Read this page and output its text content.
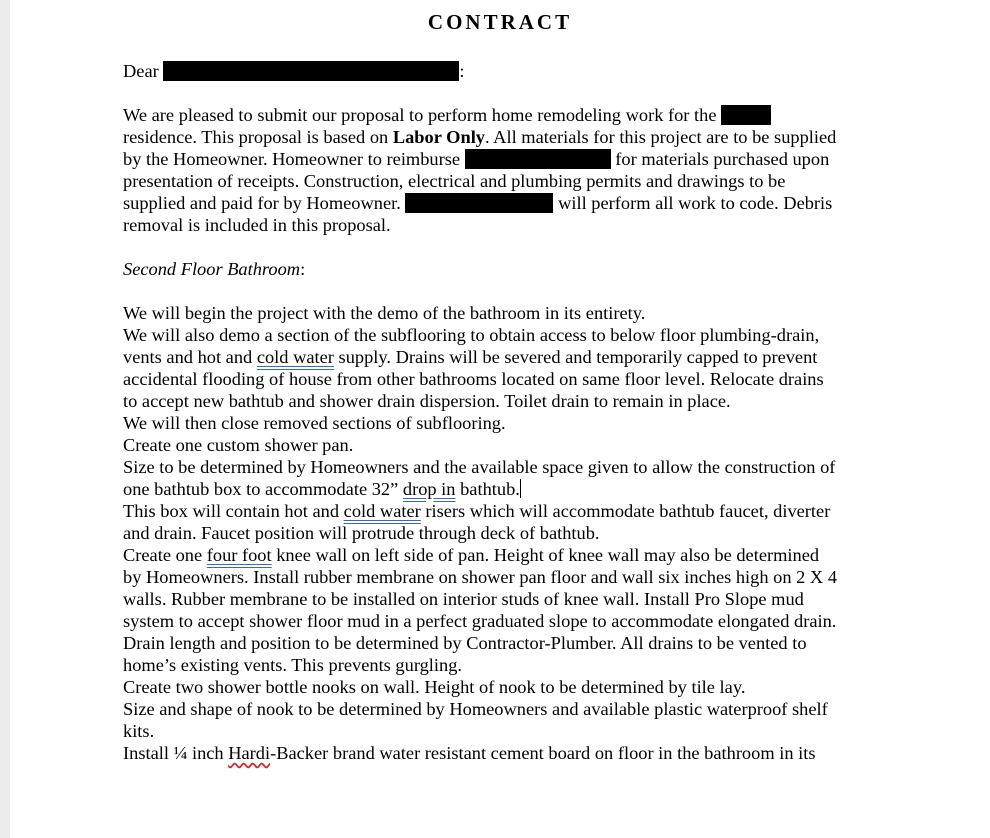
CONTRACT
Dear	:
We are pleased to submit our proposal to perform home remodeling work for the
residence. This proposal is based on Labor Only. All materials for this project are to be supplied
by the Homeowner. Homeowner to reimburse	for materials purchased upon
presentation of receipts. Construction, electrical and plumbing permits and drawings to be
supplied and paid for by Homeowner.	will perform all work to code. Debris
removal is included in this proposal.
Second Floor Bathroom:
We will begin the project with the demo of the bathroom in its entirety.
We will also demo a section of the subflooring to obtain access to below floor plumbing-drain,
vents and hot and cold water supply. Drains will be severed and temporarily capped to prevent
accidental flooding of house from other bathrooms located on same floor level. Relocate drains
to accept new bathtub and shower drain dispersion. Toilet drain to remain in place.
We will then close removed sections of subflooring.
Create one custom shower pan.
Size to be determined by Homeowners and the available space given to allow the construction of
one bathtub box to accommodate 32” drop in bathtub.
This box will contain hot and cold water risers which will accommodate bathtub faucet, diverter
and drain. Faucet position will protrude through deck of bathtub.
Create one four foot knee wall on left side of pan. Height of knee wall may also be determined
by Homeowners. Install rubber membrane on shower pan floor and wall six inches high on 2 X 4
walls. Rubber membrane to be installed on interior studs of knee wall. Install Pro Slope mud
system to accept shower floor mud in a perfect graduated slope to accommodate elongated drain.
Drain length and position to be determined by Contractor-Plumber. All drains to be vented to
home’s existing vents. This prevents gurgling.
Create two shower bottle nooks on wall. Height of nook to be determined by tile lay.
Size and shape of nook to be determined by Homeowners and available plastic waterproof shelf
kits.
Install ¼ inch Hardi-Backer brand water resistant cement board on floor in the bathroom in its
